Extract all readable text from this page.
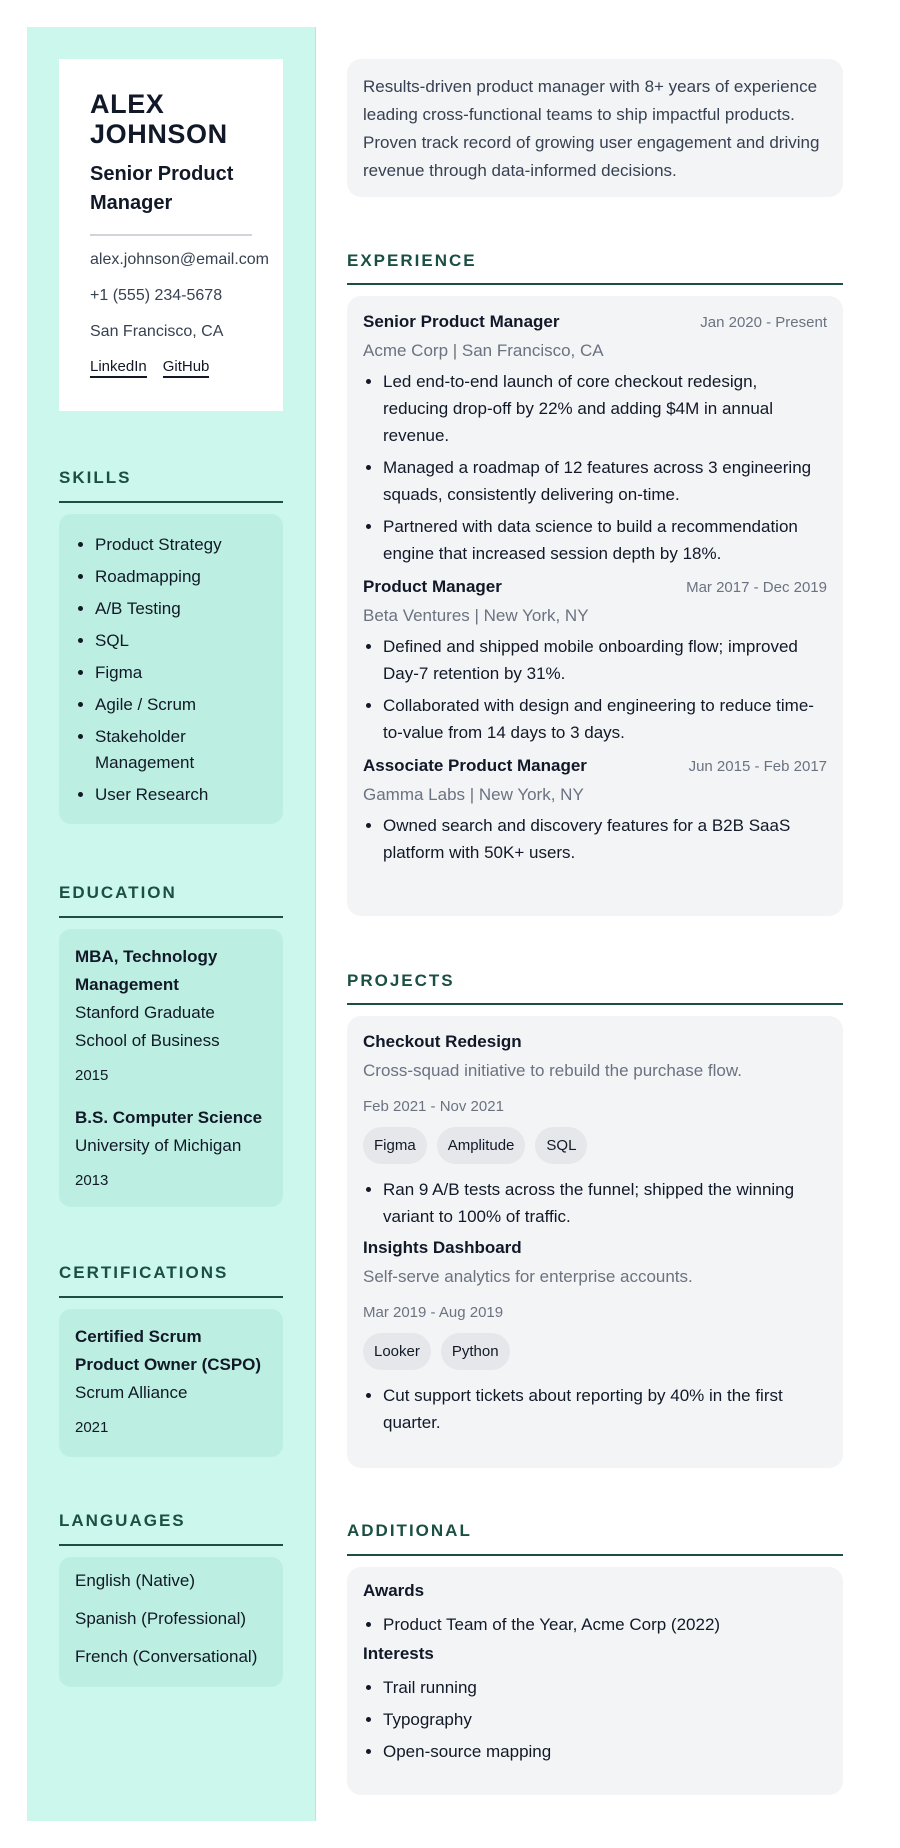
ALEX
JOHNSON
Senior Product Manager
alex.johnson@email.com
+1 (555) 234-5678
San Francisco, CA
LinkedIn GitHub
SKILLS
• Product Strategy
• Roadmapping
• A/B Testing
• SQL
• Figma
• Agile / Scrum
• Stakeholder Management
• User Research
EDUCATION
MBA, Technology Management
Stanford Graduate School of Business
2015
B.S. Computer Science
University of Michigan
2013
CERTIFICATIONS
Certified Scrum Product Owner (CSPO)
Scrum Alliance
2021
LANGUAGES
English (Native)
Spanish (Professional)
French (Conversational)
Results-driven product manager with 8+ years of experience leading cross-functional teams to ship impactful products. Proven track record of growing user engagement and driving revenue through data-informed decisions.
EXPERIENCE
Senior Product Manager	Jan 2020 - Present
Acme Corp | San Francisco, CA
• Led end-to-end launch of core checkout redesign, reducing drop-off by 22% and adding $4M in annual revenue.
• Managed a roadmap of 12 features across 3 engineering squads, consistently delivering on-time.
• Partnered with data science to build a recommendation engine that increased session depth by 18%.
Product Manager	Mar 2017 - Dec 2019
Beta Ventures | New York, NY
• Defined and shipped mobile onboarding flow; improved Day-7 retention by 31%.
• Collaborated with design and engineering to reduce time-to-value from 14 days to 3 days.
Associate Product Manager	Jun 2015 - Feb 2017
Gamma Labs | New York, NY
• Owned search and discovery features for a B2B SaaS platform with 50K+ users.
PROJECTS
Checkout Redesign
Cross-squad initiative to rebuild the purchase flow.
Feb 2021 - Nov 2021
Figma	Amplitude	SQL
• Ran 9 A/B tests across the funnel; shipped the winning variant to 100% of traffic.
Insights Dashboard
Self-serve analytics for enterprise accounts.
Mar 2019 - Aug 2019
Looker	Python
• Cut support tickets about reporting by 40% in the first quarter.
ADDITIONAL
Awards
• Product Team of the Year, Acme Corp (2022)
Interests
• Trail running
• Typography
• Open-source mapping
